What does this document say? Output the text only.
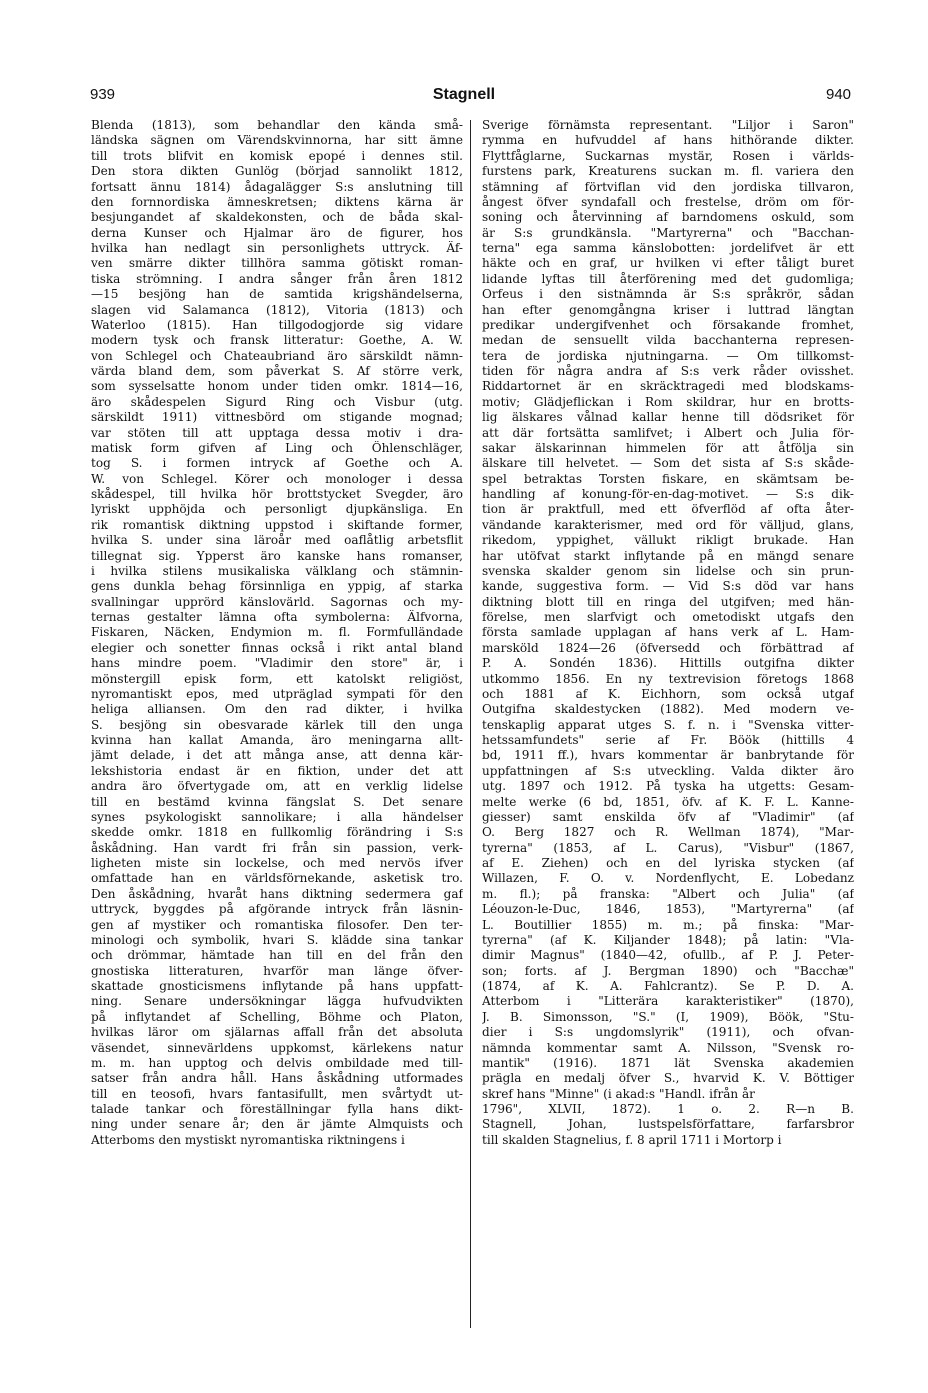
939	Stagnell	940
Blenda (1813), som behandlar den kända små-
ländska sägnen om Värendskvinnorna, har sitt ämne
till trots blifvit en komisk epopé i dennes stil.
Den stora dikten Gunlög (börjad sannolikt 1812,
fortsatt ännu 1814) ådagalägger S:s anslutning till
den fornnordiska ämneskretsen; diktens kärna är
besjungandet af skaldekonsten, och de båda skal-
derna Kunser och Hjalmar äro de figurer, hos
hvilka han nedlagt sin personlighets uttryck. Äf-
ven smärre dikter tillhöra samma götiskt roman-
tiska strömning. I andra sånger från åren 1812
—15 besjöng han de samtida krigshändelserna,
slagen vid Salamanca (1812), Vitoria (1813) och
Waterloo (1815). Han tillgodogjorde sig vidare
modern tysk och fransk litteratur: Goethe, A. W.
von Schlegel och Chateaubriand äro särskildt nämn-
värda bland dem, som påverkat S. Af större verk,
som sysselsatte honom under tiden omkr. 1814—16,
äro skådespelen Sigurd Ring och Visbur (utg.
särskildt 1911) vittnesbörd om stigande mognad;
var stöten till att upptaga dessa motiv i dra-
matisk form gifven af Ling och Öhlenschläger,
tog S. i formen intryck af Goethe och A.
W. von Schlegel. Körer och monologer i dessa
skådespel, till hvilka hör brottstycket Svegder, äro
lyriskt upphöjda och personligt djupkänsliga. En
rik romantisk diktning uppstod i skiftande former,
hvilka S. under sina läroår med oaflåtlig arbetsflit
tillegnat sig. Ypperst äro kanske hans romanser,
i hvilka stilens musikaliska välklang och stämnin-
gens dunkla behag försinnliga en yppig, af starka
svallningar upprörd känslovärld. Sagornas och my-
ternas gestalter lämna ofta symbolerna: Älfvorna,
Fiskaren, Näcken, Endymion m. fl. Formfulländade
elegier och sonetter finnas också i rikt antal bland
hans mindre poem. "Vladimir den store" är, i
mönstergill episk form, ett katolskt religiöst,
nyromantiskt epos, med utpräglad sympati för den
heliga alliansen. Om den rad dikter, i hvilka
S. besjöng sin obesvarade kärlek till den unga
kvinna han kallat Amanda, äro meningarna allt-
jämt delade, i det att många anse, att denna kär-
lekshistoria endast är en fiktion, under det att
andra äro öfvertygade om, att en verklig lidelse
till en bestämd kvinna fängslat S. Det senare
synes psykologiskt sannolikare; i alla händelser
skedde omkr. 1818 en fullkomlig förändring i S:s
åskådning. Han vardt fri från sin passion, verk-
ligheten miste sin lockelse, och med nervös ifver
omfattade han en världsförnekande, asketisk tro.
Den åskådning, hvaråt hans diktning sedermera gaf
uttryck, byggdes på afgörande intryck från läsnin-
gen af mystiker och romantiska filosofer. Den ter-
minologi och symbolik, hvari S. klädde sina tankar
och drömmar, hämtade han till en del från den
gnostiska litteraturen, hvarför man länge öfver-
skattade gnosticismens inflytande på hans uppfatt-
ning. Senare undersökningar lägga hufvudvikten
på inflytandet af Schelling, Böhme och Platon,
hvilkas läror om själarnas affall från det absoluta
väsendet, sinnevärldens uppkomst, kärlekens natur
m. m. han upptog och delvis ombildade med till-
satser från andra håll. Hans åskådning utformades
till en teosofi, hvars fantasifullt, men svårtydt ut-
talade tankar och föreställningar fylla hans dikt-
ning under senare år; den är jämte Almquists och
Atterboms den mystiskt nyromantiska riktningens i
Sverige förnämsta representant. "Liljor i Saron"
rymma en hufvuddel af hans hithörande dikter.
Flyttfåglarne, Suckarnas mystär, Rosen i världs-
furstens park, Kreaturens suckan m. fl. variera den
stämning af förtviflan vid den jordiska tillvaron,
ångest öfver syndafall och frestelse, dröm om för-
soning och återvinning af barndomens oskuld, som
är S:s grundkänsla. "Martyrerna" och "Bacchan-
terna" ega samma känslobotten: jordelifvet är ett
häkte och en graf, ur hvilken vi efter tåligt buret
lidande lyftas till återförening med det gudomliga;
Orfeus i den sistnämnda är S:s språkrör, sådan
han efter genomgångna kriser i luttrad längtan
predikar undergifvenhet och försakande fromhet,
medan de sensuellt vilda bacchanterna represen-
tera de jordiska njutningarna. — Om tillkomst-
tiden för några andra af S:s verk råder ovisshet.
Riddartornet är en skräcktragedi med blodskams-
motiv; Glädjeflickan i Rom skildrar, hur en brotts-
lig älskares vålnad kallar henne till dödsriket för
att där fortsätta samlifvet; i Albert och Julia för-
sakar älskarinnan himmelen för att åtfölja sin
älskare till helvetet. — Som det sista af S:s skåde-
spel betraktas Torsten fiskare, en skämtsam be-
handling af konung-för-en-dag-motivet. — S:s dik-
tion är praktfull, med ett öfverflöd af ofta åter-
vändande karakterismer, med ord för välljud, glans,
rikedom, yppighet, vällukt rikligt brukade. Han
har utöfvat starkt inflytande på en mängd senare
svenska skalder genom sin lidelse och sin prun-
kande, suggestiva form. — Vid S:s död var hans
diktning blott till en ringa del utgifven; med hän-
förelse, men slarfvigt och ometodiskt utgafs den
första samlade upplagan af hans verk af L. Ham-
marsköld 1824—26 (öfversedd och förbättrad af
P. A. Sondén 1836). Hittills outgifna dikter
utkommo 1856. En ny textrevision företogs 1868
och 1881 af K. Eichhorn, som också utgaf
Outgifna skaldestycken (1882). Med modern ve-
tenskaplig apparat utges S. f. n. i "Svenska vitter-
hetssamfundets" serie af Fr. Böök (hittills 4
bd, 1911 ff.), hvars kommentar är banbrytande för
uppfattningen af S:s utveckling. Valda dikter äro
utg. 1897 och 1912. På tyska ha utgetts: Gesam-
melte werke (6 bd, 1851, öfv. af K. F. L. Kanne-
giesser) samt enskilda öfv af "Vladimir" (af
O. Berg 1827 och R. Wellman 1874), "Mar-
tyrerna" (1853, af L. Carus), "Visbur" (1867,
af E. Ziehen) och en del lyriska stycken (af
Willazen, F. O. v. Nordenflycht, E. Lobedanz
m. fl.); på franska: "Albert och Julia" (af
Léouzon-le-Duc, 1846, 1853), "Martyrerna" (af
L. Boutillier 1855) m. m.; på finska: "Mar-
tyrerna" (af K. Kiljander 1848); på latin: "Vla-
dimir Magnus" (1840—42, ofullb., af P. J. Peter-
son; forts. af J. Bergman 1890) och "Bacchæ"
(1874, af K. A. Fahlcrantz). Se P. D. A.
Atterbom i "Litterära karakteristiker" (1870),
J. B. Simonsson, "S." (I, 1909), Böök, "Stu-
dier i S:s ungdomslyrik" (1911), och ofvan-
nämnda kommentar samt A. Nilsson, "Svensk ro-
mantik" (1916). 1871 lät Svenska akademien
prägla en medalj öfver S., hvarvid K. V. Böttiger
skref hans "Minne" (i akad:s "Handl. ifrån år
1796", XLVII, 1872). 1 o. 2. R—n B.
Stagnell, Johan, lustspelsförfattare, farfarsbror
till skalden Stagnelius, f. 8 april 1711 i Mortorp i
